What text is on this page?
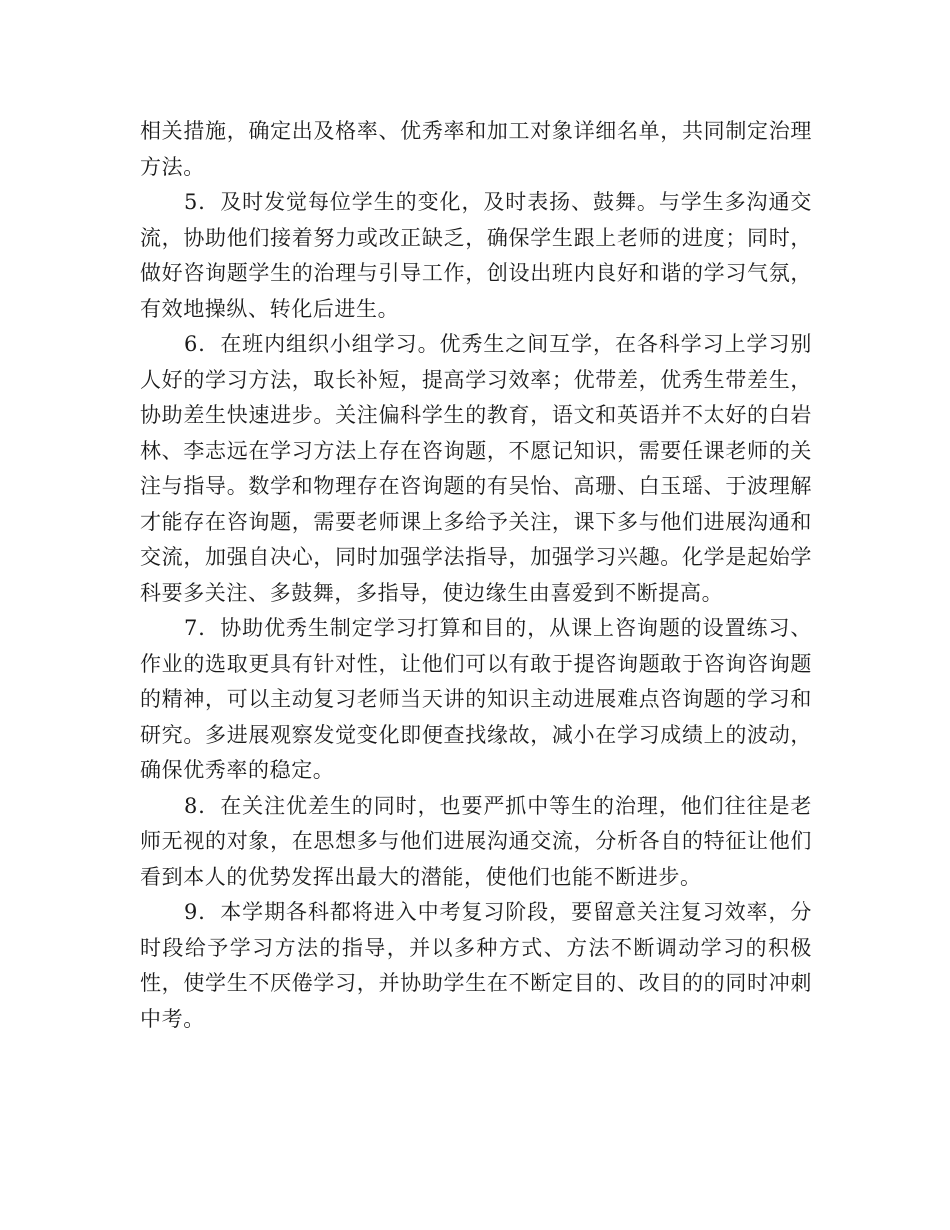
相关措施，确定出及格率、优秀率和加工对象详细名单，共同制定治理方法。

5．及时发觉每位学生的变化，及时表扬、鼓舞。与学生多沟通交流，协助他们接着努力或改正缺乏，确保学生跟上老师的进度；同时，做好咨询题学生的治理与引导工作，创设出班内良好和谐的学习气氛，有效地操纵、转化后进生。

6．在班内组织小组学习。优秀生之间互学，在各科学习上学习别人好的学习方法，取长补短，提高学习效率；优带差，优秀生带差生，协助差生快速进步。关注偏科学生的教育，语文和英语并不太好的白岩林、李志远在学习方法上存在咨询题，不愿记知识，需要任课老师的关注与指导。数学和物理存在咨询题的有吴怡、高珊、白玉瑶、于波理解才能存在咨询题，需要老师课上多给予关注，课下多与他们进展沟通和交流，加强自决心，同时加强学法指导，加强学习兴趣。化学是起始学科要多关注、多鼓舞，多指导，使边缘生由喜爱到不断提高。

7．协助优秀生制定学习打算和目的，从课上咨询题的设置练习、作业的选取更具有针对性，让他们可以有敢于提咨询题敢于咨询咨询题的精神，可以主动复习老师当天讲的知识主动进展难点咨询题的学习和研究。多进展观察发觉变化即便查找缘故，减小在学习成绩上的波动，确保优秀率的稳定。

8．在关注优差生的同时，也要严抓中等生的治理，他们往往是老师无视的对象，在思想多与他们进展沟通交流，分析各自的特征让他们看到本人的优势发挥出最大的潜能，使他们也能不断进步。

9．本学期各科都将进入中考复习阶段，要留意关注复习效率，分时段给予学习方法的指导，并以多种方式、方法不断调动学习的积极性，使学生不厌倦学习，并协助学生在不断定目的、改目的的同时冲刺中考。
